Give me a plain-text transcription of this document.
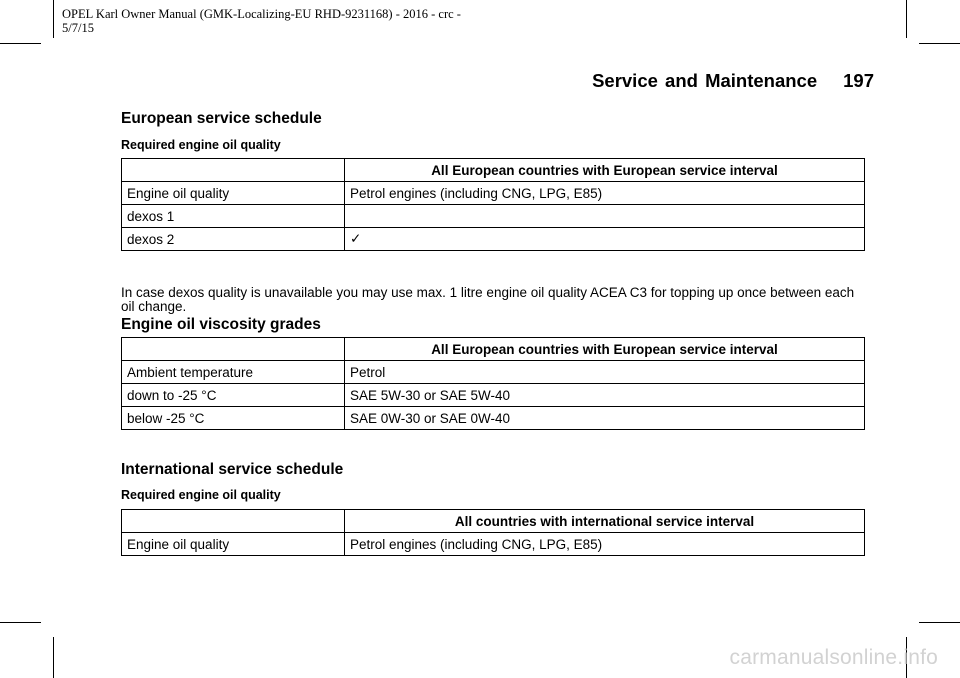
OPEL Karl Owner Manual (GMK-Localizing-EU RHD-9231168) - 2016 - crc -
5/7/15
Service and Maintenance 197
European service schedule
Required engine oil quality
	All European countries with European service interval
Engine oil quality	Petrol engines (including CNG, LPG, E85)
dexos 1	
dexos 2	✓
In case dexos quality is unavailable you may use max. 1 litre engine oil quality ACEA C3 for topping up once between each oil change.
Engine oil viscosity grades
	All European countries with European service interval
Ambient temperature	Petrol
down to -25 °C	SAE 5W-30 or SAE 5W-40
below -25 °C	SAE 0W-30 or SAE 0W-40
International service schedule
Required engine oil quality
	All countries with international service interval
Engine oil quality	Petrol engines (including CNG, LPG, E85)
carmanualsonline.info
